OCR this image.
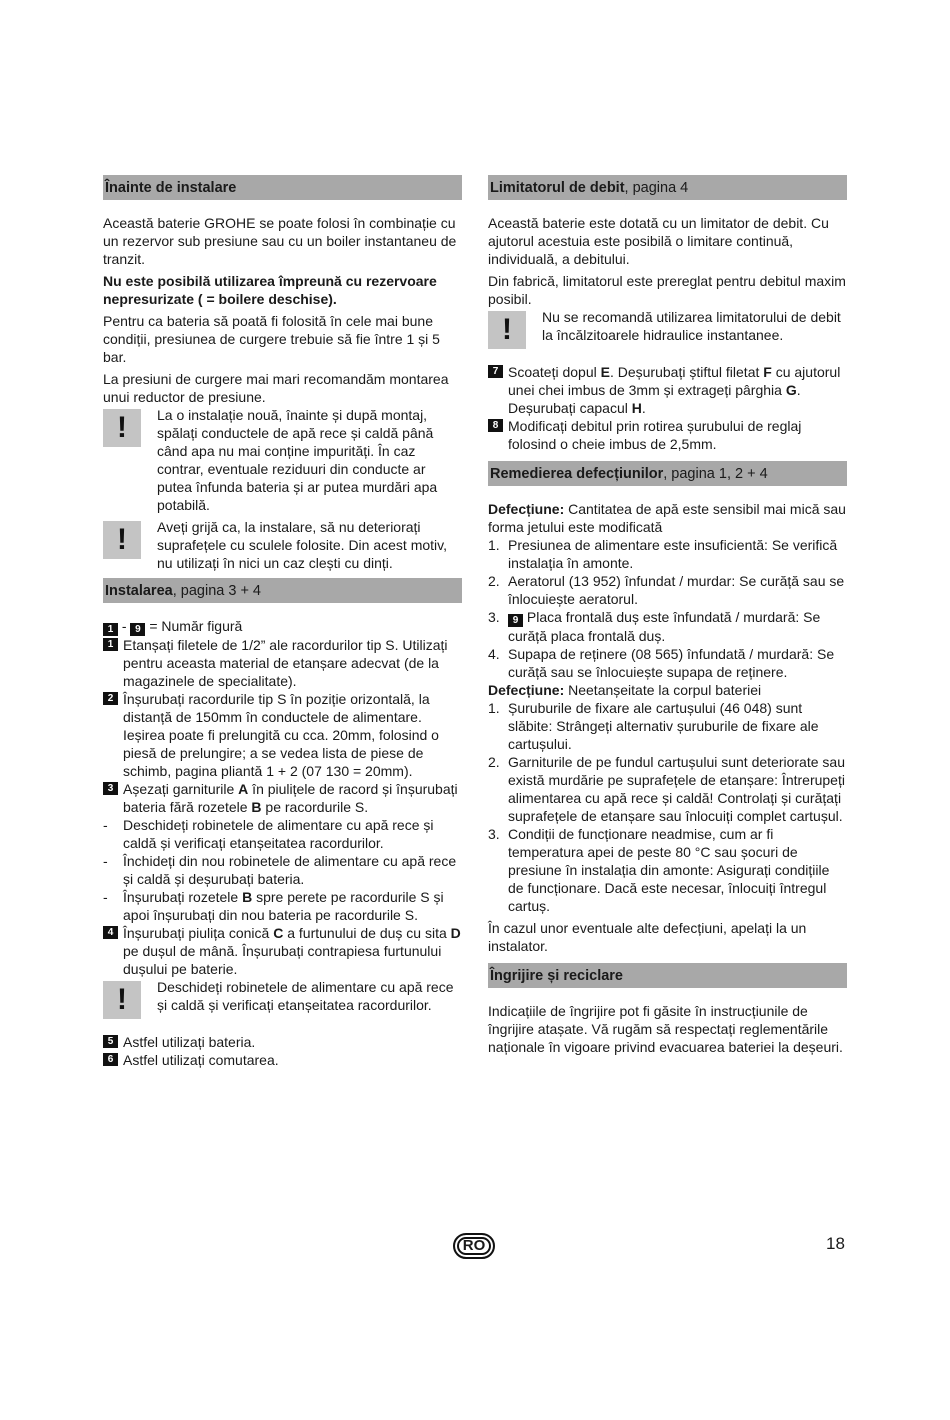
Înainte de instalare

Această baterie GROHE se poate folosi în combinație cu un rezervor sub presiune sau cu un boiler instantaneu de tranzit.

Nu este posibilă utilizarea împreună cu rezervoare nepresurizate ( = boilere deschise).

Pentru ca bateria să poată fi folosită în cele mai bune condiții, presiunea de curgere trebuie să fie între 1 și 5 bar.

La presiuni de curgere mai mari recomandăm montarea unui reductor de presiune.

!	La o instalație nouă, înainte și după montaj, spălați conductele de apă rece și caldă până când apa nu mai conține impurități. În caz contrar, eventuale reziduuri din conducte ar putea înfunda bateria și ar putea murdări apa potabilă.
!	Aveți grijă ca, la instalare, să nu deteriorați suprafețele cu sculele folosite. Din acest motiv, nu utilizați în nici un caz clești cu dinți.
Instalarea, pagina 3 + 4
1 - 9 = Număr figură
1 Etanșați filetele de 1/2” ale racordurilor tip S. Utilizați pentru aceasta material de etanșare adecvat (de la magazinele de specialitate).
2 Înșurubați racordurile tip S în poziție orizontală, la distanță de 150mm în conductele de alimentare. Ieșirea poate fi prelungită cu cca. 20mm, folosind o piesă de prelungire; a se vedea lista de piese de schimb, pagina pliantă 1 + 2 (07 130 = 20mm).
3 Așezați garniturile A în piulițele de racord și înșurubați bateria fără rozetele B pe racordurile S.
-	Deschideți robinetele de alimentare cu apă rece și caldă și verificați etanșeitatea racordurilor.
-	Închideți din nou robinetele de alimentare cu apă rece și caldă și deșurubați bateria.
-	Înșurubați rozetele B spre perete pe racordurile S și apoi înșurubați din nou bateria pe racordurile S.
4 Înșurubați piulița conică C a furtunului de duș cu sita D pe dușul de mână. Înșurubați contrapiesa furtunului dușului pe baterie.
!	Deschideți robinetele de alimentare cu apă rece și caldă și verificați etanșeitatea racordurilor.
5 Astfel utilizați bateria.
6 Astfel utilizați comutarea.
Limitatorul de debit, pagina 4

Această baterie este dotată cu un limitator de debit. Cu ajutorul acestuia este posibilă o limitare continuă, individuală, a debitului.

Din fabrică, limitatorul este prereglat pentru debitul maxim posibil.

!	Nu se recomandă utilizarea limitatorului de debit la încălzitoarele hidraulice instantanee.
7 Scoateți dopul E. Deșurubați știftul filetat F cu ajutorul unei chei imbus de 3mm și extrageți pârghia G. Deșurubați capacul H.
8 Modificați debitul prin rotirea șurubului de reglaj folosind o cheie imbus de 2,5mm.
Remedierea defecțiunilor, pagina 1, 2 + 4
Defecțiune: Cantitatea de apă este sensibil mai mică sau forma jetului este modificată
1. Presiunea de alimentare este insuficientă: Se verifică instalația în amonte.
2. Aeratorul (13 952) înfundat / murdar: Se curăță sau se înlocuiește aeratorul.
3.	9 Placa frontală duș este înfundată / murdară: Se curăță placa frontală duș.
4. Supapa de reținere (08 565) înfundată / murdară: Se curăță sau se înlocuiește supapa de reținere.
Defecțiune: Neetanșeitate la corpul bateriei
1. Șuruburile de fixare ale cartușului (46 048) sunt slăbite: Strângeți alternativ șuruburile de fixare ale cartușului.
2. Garniturile de pe fundul cartușului sunt deteriorate sau există murdărie pe suprafețele de etanșare: Întrerupeți alimentarea cu apă rece și caldă! Controlați și curățați suprafețele de etanșare sau înlocuiți complet cartușul.
3. Condiții de funcționare neadmise, cum ar fi temperatura apei de peste 80 °C sau șocuri de presiune în instalația din amonte: Asigurați condițiile de funcționare. Dacă este necesar, înlocuiți întregul cartuș.

În cazul unor eventuale alte defecțiuni, apelați la un instalator.

Îngrijire și reciclare

Indicațiile de îngrijire pot fi găsite în instrucțiunile de îngrijire atașate. Vă rugăm să respectați reglementările naționale în vigoare privind evacuarea bateriei la deșeuri.

RO	18
